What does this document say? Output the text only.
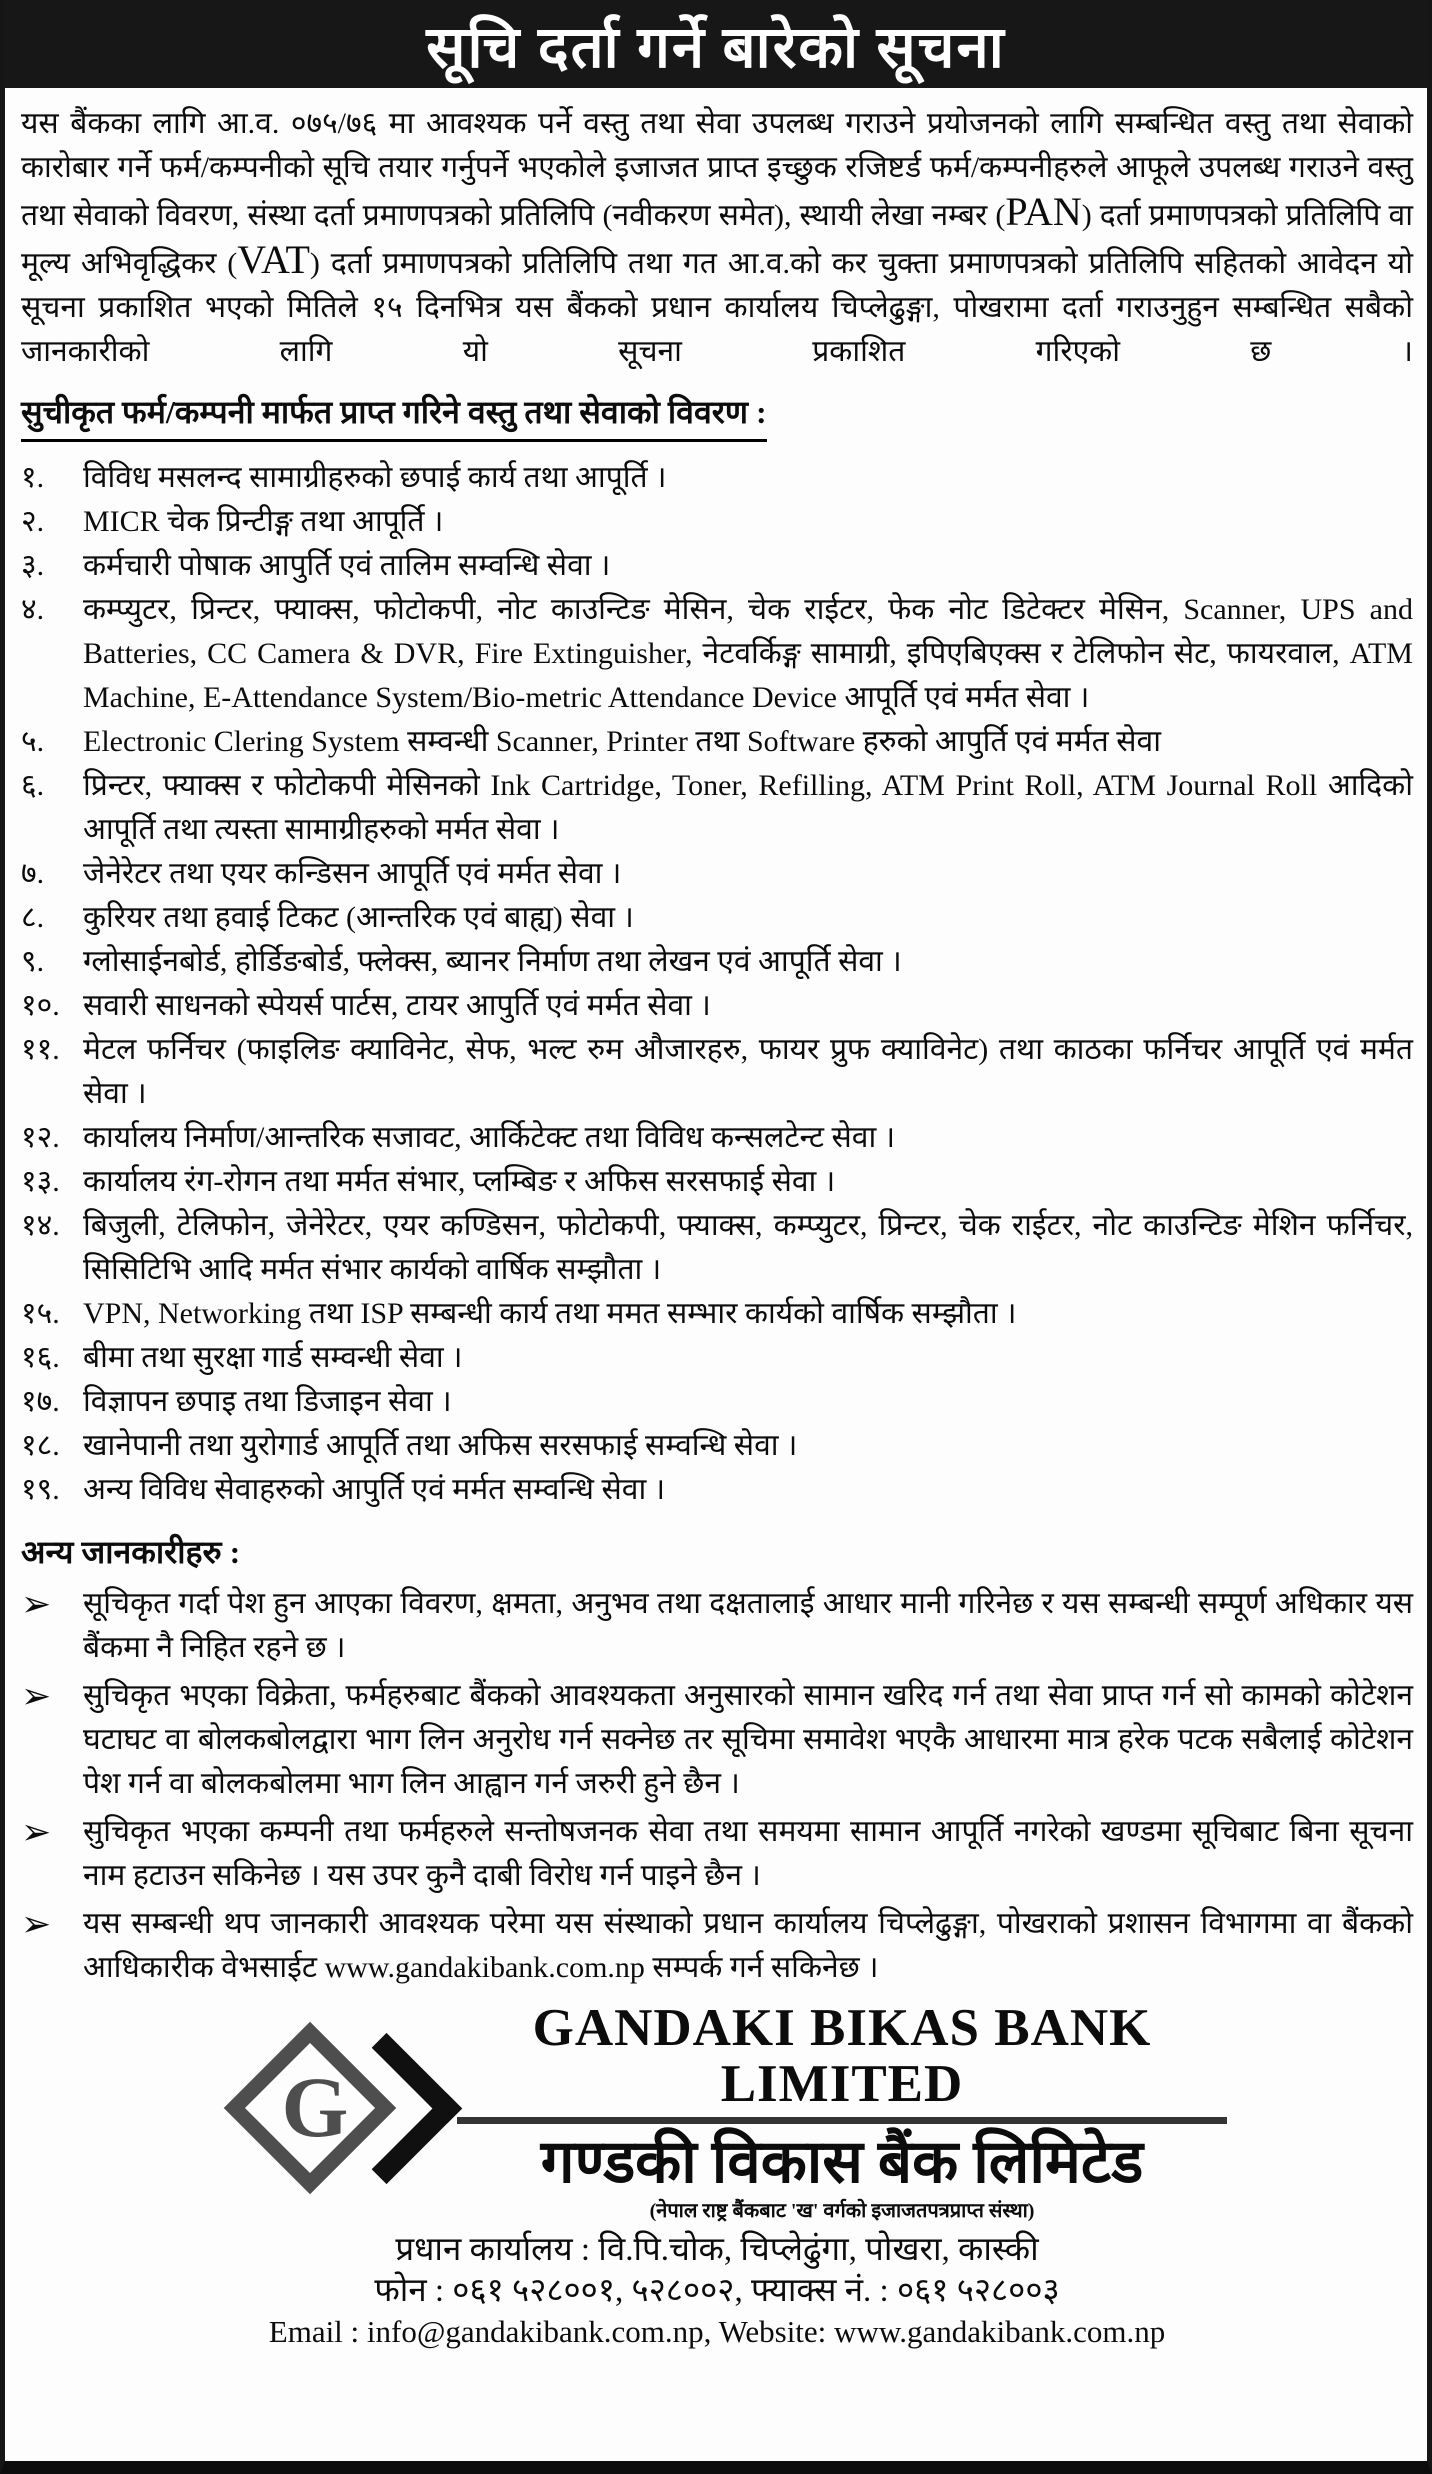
सूचि दर्ता गर्ने बारेको सूचना

यस बैंकका लागि आ.व. ०७५/७६ मा आवश्यक पर्ने वस्तु तथा सेवा उपलब्ध गराउने प्रयोजनको लागि सम्बन्धित वस्तु तथा सेवाको कारोबार गर्ने फर्म/कम्पनीको सूचि तयार गर्नुपर्ने भएकोले इजाजत प्राप्त इच्छुक रजिष्टर्ड फर्म/कम्पनीहरुले आफूले उपलब्ध गराउने वस्तु तथा सेवाको विवरण, संस्था दर्ता प्रमाणपत्रको प्रतिलिपि (नवीकरण समेत), स्थायी लेखा नम्बर (PAN) दर्ता प्रमाणपत्रको प्रतिलिपि वा मूल्य अभिवृद्धिकर (VAT) दर्ता प्रमाणपत्रको प्रतिलिपि तथा गत आ.व.को कर चुक्ता प्रमाणपत्रको प्रतिलिपि सहितको आवेदन यो सूचना प्रकाशित भएको मितिले १५ दिनभित्र यस बैंकको प्रधान कार्यालय चिप्लेढुङ्गा, पोखरामा दर्ता गराउनुहुन सम्बन्धित सबैको जानकारीको लागि यो सूचना प्रकाशित गरिएको छ ।

सुचीकृत फर्म/कम्पनी मार्फत प्राप्त गरिने वस्तु तथा सेवाको विवरण :
१.	विविध मसलन्द सामाग्रीहरुको छपाई कार्य तथा आपूर्ति ।
२.	MICR चेक प्रिन्टीङ्ग तथा आपूर्ति ।
३.	कर्मचारी पोषाक आपुर्ति एवं तालिम सम्वन्धि सेवा ।
४.	कम्प्युटर, प्रिन्टर, फ्याक्स, फोटोकपी, नोट काउन्टिङ मेसिन, चेक राईटर, फेक नोट डिटेक्टर मेसिन, Scanner, UPS and Batteries, CC Camera & DVR, Fire Extinguisher, नेटवर्किङ्ग सामाग्री, इपिएबिएक्स र टेलिफोन सेट, फायरवाल, ATM Machine, E-Attendance System/Bio-metric Attendance Device आपूर्ति एवं मर्मत सेवा ।
५.	Electronic Clering System सम्वन्धी Scanner, Printer तथा Software हरुको आपुर्ति एवं मर्मत सेवा
६.	प्रिन्टर, फ्याक्स र फोटोकपी मेसिनको Ink Cartridge, Toner, Refilling, ATM Print Roll, ATM Journal Roll आदिको आपूर्ति तथा त्यस्ता सामाग्रीहरुको मर्मत सेवा ।
७.	जेनेरेटर तथा एयर कन्डिसन आपूर्ति एवं मर्मत सेवा ।
८.	कुरियर तथा हवाई टिकट (आन्तरिक एवं बाह्य) सेवा ।
९.	ग्लोसाईनबोर्ड, होर्डिङबोर्ड, फ्लेक्स, ब्यानर निर्माण तथा लेखन एवं आपूर्ति सेवा ।
१०. सवारी साधनको स्पेयर्स पार्टस, टायर आपुर्ति एवं मर्मत सेवा ।
११. मेटल फर्निचर (फाइलिङ क्याविनेट, सेफ, भल्ट रुम औजारहरु, फायर प्रुफ क्याविनेट) तथा काठका फर्निचर आपूर्ति एवं मर्मत सेवा ।
१२. कार्यालय निर्माण/आन्तरिक सजावट, आर्किटेक्ट तथा विविध कन्सलटेन्ट सेवा ।
१३. कार्यालय रंग-रोगन तथा मर्मत संभार, प्लम्बिङ र अफिस सरसफाई सेवा ।
१४. बिजुली, टेलिफोन, जेनेरेटर, एयर कण्डिसन, फोटोकपी, फ्याक्स, कम्प्युटर, प्रिन्टर, चेक राईटर, नोट काउन्टिङ मेशिन फर्निचर, सिसिटिभि आदि मर्मत संभार कार्यको वार्षिक सम्झौता ।
१५. VPN, Networking तथा ISP सम्बन्धी कार्य तथा ममत सम्भार कार्यको वार्षिक सम्झौता ।
१६. बीमा तथा सुरक्षा गार्ड सम्वन्धी सेवा ।
१७. विज्ञापन छपाइ तथा डिजाइन सेवा ।
१८. खानेपानी तथा युरोगार्ड आपूर्ति तथा अफिस सरसफाई सम्वन्धि सेवा ।
१९. अन्य विविध सेवाहरुको आपुर्ति एवं मर्मत सम्वन्धि सेवा ।
अन्य जानकारीहरु :
➢	सूचिकृत गर्दा पेश हुन आएका विवरण, क्षमता, अनुभव तथा दक्षतालाई आधार मानी गरिनेछ र यस सम्बन्धी सम्पूर्ण अधिकार यस बैंकमा नै निहित रहने छ ।
➢	सुचिकृत भएका विक्रेता, फर्महरुबाट बैंकको आवश्यकता अनुसारको सामान खरिद गर्न तथा सेवा प्राप्त गर्न सो कामको कोटेशन घटाघट वा बोलकबोलद्वारा भाग लिन अनुरोध गर्न सक्नेछ तर सूचिमा समावेश भएकै आधारमा मात्र हरेक पटक सबैलाई कोटेशन पेश गर्न वा बोलकबोलमा भाग लिन आह्वान गर्न जरुरी हुने छैन ।
➢	सुचिकृत भएका कम्पनी तथा फर्महरुले सन्तोषजनक सेवा तथा समयमा सामान आपूर्ति नगरेको खण्डमा सूचिबाट बिना सूचना नाम हटाउन सकिनेछ । यस उपर कुनै दाबी विरोध गर्न पाइने छैन ।
➢	यस सम्बन्धी थप जानकारी आवश्यक परेमा यस संस्थाको प्रधान कार्यालय चिप्लेढुङ्गा, पोखराको प्रशासन विभागमा वा बैंकको आधिकारीक वेभसाईट www.gandakibank.com.np सम्पर्क गर्न सकिनेछ ।
G
GANDAKI BIKAS BANK LIMITED
गण्डकी विकास बैंक लिमिटेड
(नेपाल राष्ट्र बैंकबाट 'ख' वर्गको इजाजतपत्रप्राप्त संस्था)
प्रधान कार्यालय : वि.पि.चोक, चिप्लेढुंगा, पोखरा, कास्की
फोन : ०६१ ५२८००१, ५२८००२, फ्याक्स नं. : ०६१ ५२८००३
Email : info@gandakibank.com.np, Website: www.gandakibank.com.np
